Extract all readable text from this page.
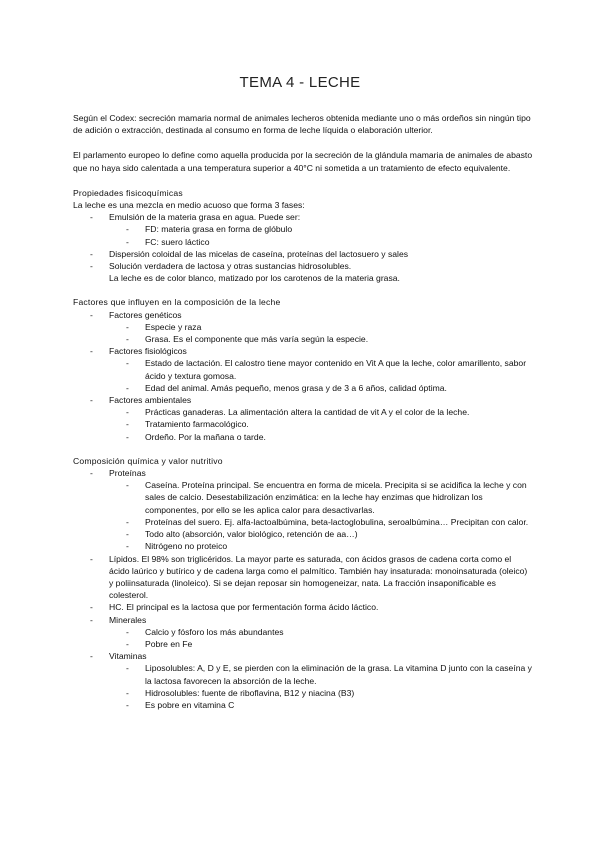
TEMA 4 - LECHE

Según el Codex: secreción mamaria normal de animales lecheros obtenida mediante uno o más ordeños sin ningún tipo de adición o extracción, destinada al consumo en forma de leche líquida o elaboración ulterior.

El parlamento europeo lo define como aquella producida por la secreción de la glándula mamaria de animales de abasto que no haya sido calentada a una temperatura superior a 40°C ni sometida a un tratamiento de efecto equivalente.

Propiedades fisicoquímicas

La leche es una mezcla en medio acuoso que forma 3 fases:

- Emulsión de la materia grasa en agua. Puede ser:
- FD: materia grasa en forma de glóbulo
- FC: suero láctico
- Dispersión coloidal de las micelas de caseína, proteínas del lactosuero y sales
- Solución verdadera de lactosa y otras sustancias hidrosolubles.
La leche es de color blanco, matizado por los carotenos de la materia grasa.

Factores que influyen en la composición de la leche

- Factores genéticos
- Especie y raza
- Grasa. Es el componente que más varía según la especie.
- Factores fisiológicos
- Estado de lactación. El calostro tiene mayor contenido en Vit A que la leche, color amarillento, sabor ácido y textura gomosa.
- Edad del animal. Amás pequeño, menos grasa y de 3 a 6 años, calidad óptima.
- Factores ambientales
- Prácticas ganaderas. La alimentación altera la cantidad de vit A y el color de la leche.
- Tratamiento farmacológico.
- Ordeño. Por la mañana o tarde.

Composición química y valor nutritivo

- Proteínas
- Caseína. Proteína principal. Se encuentra en forma de micela. Precipita si se acidifica la leche y con sales de calcio. Desestabilización enzimática: en la leche hay enzimas que hidrolizan los componentes, por ello se les aplica calor para desactivarlas.
- Proteínas del suero. Ej. alfa-lactoalbúmina, beta-lactoglobulina, seroalbúmina… Precipitan con calor.
- Todo alto (absorción, valor biológico, retención de aa…)
- Nitrógeno no proteico
- Lípidos. El 98% son triglicéridos. La mayor parte es saturada, con ácidos grasos de cadena corta como el ácido laúrico y butírico y de cadena larga como el palmítico. También hay insaturada: monoinsaturada (oleico) y poliinsaturada (linoleico). Si se dejan reposar sin homogeneizar, nata. La fracción insaponificable es colesterol.
- HC. El principal es la lactosa que por fermentación forma ácido láctico.
- Minerales
- Calcio y fósforo los más abundantes
- Pobre en Fe
- Vitaminas
- Liposolubles: A, D y E, se pierden con la eliminación de la grasa. La vitamina D junto con la caseína y la lactosa favorecen la absorción de la leche.
- Hidrosolubles: fuente de riboflavina, B12 y niacina (B3)
- Es pobre en vitamina C
